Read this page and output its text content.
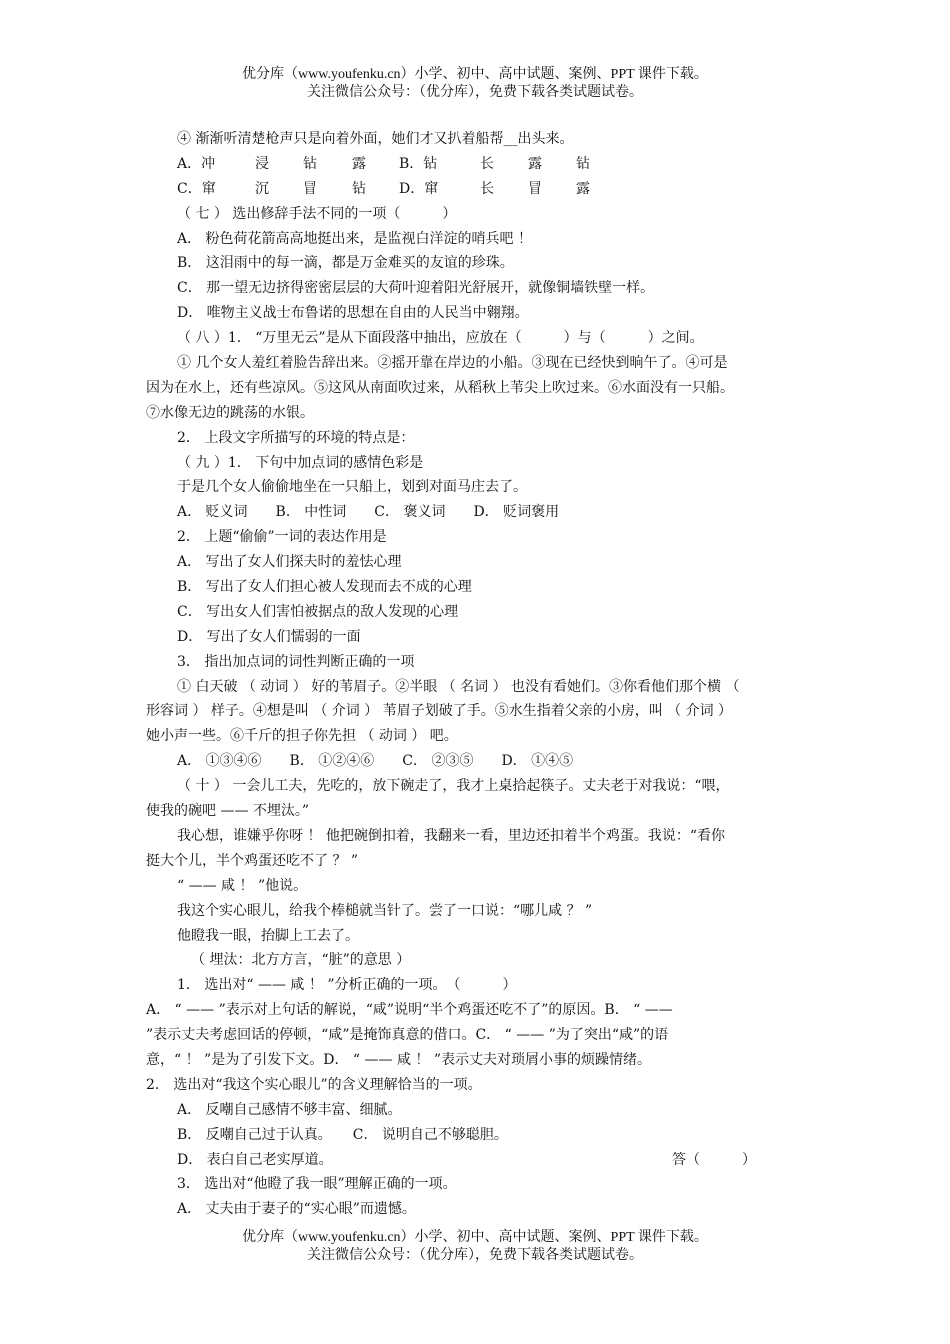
优分库（www.youfenku.cn）小学、初中、高中试题、案例、PPT 课件下载。
关注微信公众号：（优分库），免费下载各类试题试卷。
④ 渐渐听清楚枪声只是向着外面，她们才又扒着船帮__出头来。
A．冲	浸 钻	露 B．钻	长 露 钻
C．窜	沉 冒	钻 D．窜	长 冒 露
（ 七 ） 选出修辞手法不同的一项（　　　）
A． 粉色荷花箭高高地挺出来，是监视白洋淀的哨兵吧 ！
B． 这泪雨中的每一滴，都是万金难买的友谊的珍珠。
C． 那一望无边挤得密密层层的大荷叶迎着阳光舒展开，就像铜墙铁壁一样。
D． 唯物主义战士布鲁诺的思想在自由的人民当中翱翔。
（ 八 ）1． “万里无云”是从下面段落中抽出，应放在（　　　）与（　　　）之间。
① 几个女人羞红着脸告辞出来。②摇开靠在岸边的小船。③现在已经快到晌午了。④可是
因为在水上，还有些凉风。⑤这风从南面吹过来，从稻秋上苇尖上吹过来。⑥水面没有一只船。
⑦水像无边的跳荡的水银。
2． 上段文字所描写的环境的特点是：
（ 九 ）1． 下句中加点词的感情色彩是
于是几个女人偷偷地坐在一只船上，划到对面马庄去了。
A． 贬义词　　B． 中性词　　C． 褒义词　　D． 贬词褒用
2． 上题“偷偷”一词的表达作用是
A． 写出了女人们探夫时的羞怯心理
B． 写出了女人们担心被人发现而去不成的心理
C． 写出女人们害怕被据点的敌人发现的心理
D． 写出了女人们懦弱的一面
3． 指出加点词的词性判断正确的一项
① 白天破 （ 动词 ） 好的苇眉子。②半眼 （ 名词 ） 也没有看她们。③你看他们那个横 （
形容词 ） 样子。④想是叫 （ 介词 ） 苇眉子划破了手。⑤水生指着父亲的小房，叫 （ 介词 ）
她小声一些。⑥千斤的担子你先担 （ 动词 ） 吧。
A． ①③④⑥　　B． ①②④⑥　　C． ②③⑤　　D． ①④⑤
（ 十 ） 一会儿工夫，先吃的，放下碗走了，我才上桌拾起筷子。丈夫老于对我说：“喂，
使我的碗吧 —— 不埋汰。”
我心想，谁嫌乎你呀 ！ 他把碗倒扣着，我翻来一看，里边还扣着半个鸡蛋。我说：“看你
挺大个儿，半个鸡蛋还吃不了 ？ ”
“ —— 咸 ！ ”他说。
我这个实心眼儿，给我个棒槌就当针了。尝了一口说：“哪儿咸 ？ ”
他瞪我一眼，抬脚上工去了。
（ 埋汰：北方方言，“脏”的意思 ）
1． 选出对“ —— 咸 ！ ”分析正确的一项。　（　　　）
A． “ —— ”表示对上句话的解说，“咸”说明“半个鸡蛋还吃不了”的原因。B． “ ——
”表示丈夫考虑回话的停顿，“咸”是掩饰真意的借口。C． “ —— ”为了突出“咸”的语
意，“ ！ ”是为了引发下文。D． “ —— 咸 ！ ”表示丈夫对琐屑小事的烦躁情绪。
2． 选出对“我这个实心眼儿”的含义理解恰当的一项。
A． 反嘲自己感情不够丰富、细腻。
B． 反嘲自己过于认真。　　C． 说明自己不够聪胆。
D． 表白自己老实厚道。	答（　　　）
3． 选出对“他瞪了我一眼”理解正确的一项。
A． 丈夫由于妻子的“实心眼”而遗憾。
优分库（www.youfenku.cn）小学、初中、高中试题、案例、PPT 课件下载。
关注微信公众号：（优分库），免费下载各类试题试卷。
